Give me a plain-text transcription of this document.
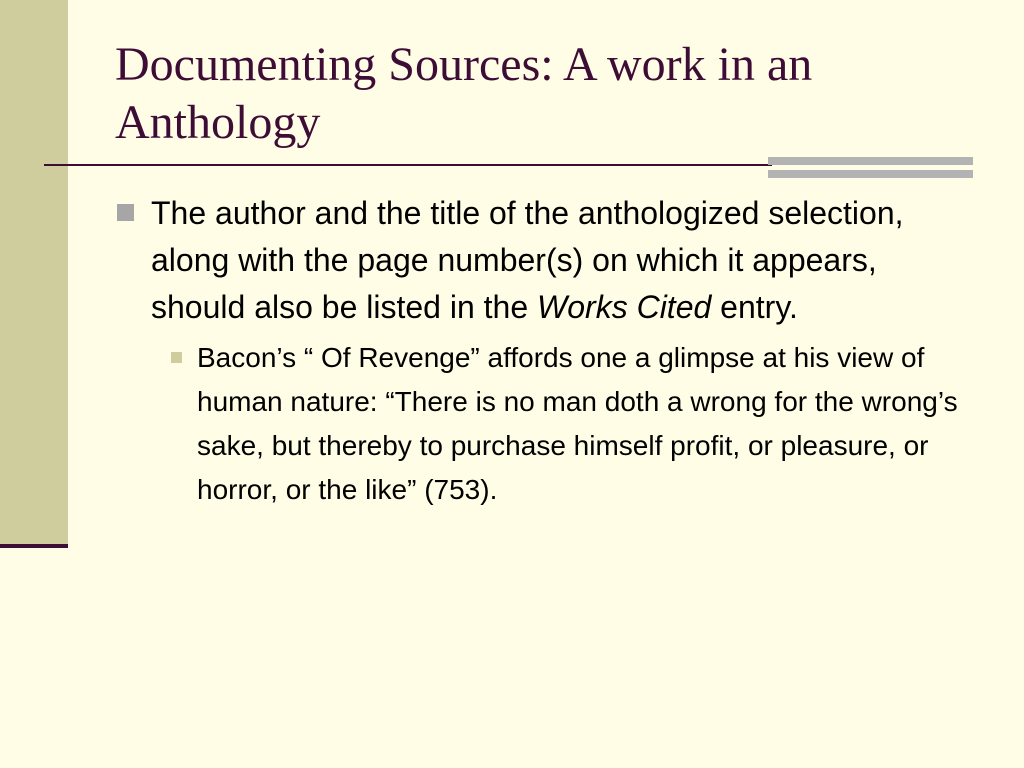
Documenting Sources: A work in an Anthology

The author and the title of the anthologized selection, along with the page number(s) on which it appears, should also be listed in the Works Cited entry.

Bacon’s “ Of Revenge” affords one a glimpse at his view of human nature: “There is no man doth a wrong for the wrong’s sake, but thereby to purchase himself profit, or pleasure, or horror, or the like” (753).
